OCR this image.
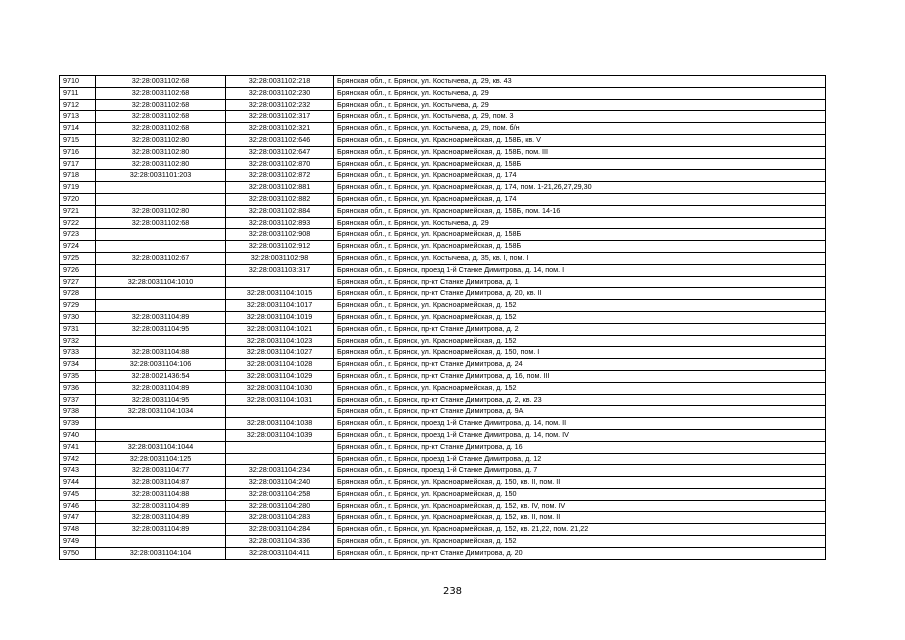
9710	32:28:0031102:68	32:28:0031102:218	Брянская обл., г. Брянск, ул. Костычева, д. 29, кв. 43
9711	32:28:0031102:68	32:28:0031102:230	Брянская обл., г. Брянск, ул. Костычева, д. 29
9712	32:28:0031102:68	32:28:0031102:232	Брянская обл., г. Брянск, ул. Костычева, д. 29
9713	32:28:0031102:68	32:28:0031102:317	Брянская обл., г. Брянск, ул. Костычева, д. 29, пом. 3
9714	32:28:0031102:68	32:28:0031102:321	Брянская обл., г. Брянск, ул. Костычева, д. 29, пом. б/н
9715	32:28:0031102:80	32:28:0031102:646	Брянская обл., г. Брянск, ул. Красноармейская, д. 158Б, кв. V
9716	32:28:0031102:80	32:28:0031102:647	Брянская обл., г. Брянск, ул. Красноармейская, д. 158Б, пом. III
9717	32:28:0031102:80	32:28:0031102:870	Брянская обл., г. Брянск, ул. Красноармейская, д. 158Б
9718	32:28:0031101:203	32:28:0031102:872	Брянская обл., г. Брянск, ул. Красноармейская, д. 174
9719		32:28:0031102:881	Брянская обл., г. Брянск, ул. Красноармейская, д. 174, пом. 1-21,26,27,29,30
9720		32:28:0031102:882	Брянская обл., г. Брянск, ул. Красноармейская, д. 174
9721	32:28:0031102:80	32:28:0031102:884	Брянская обл., г. Брянск, ул. Красноармейская, д. 158Б, пом. 14-16
9722	32:28:0031102:68	32:28:0031102:893	Брянская обл., г. Брянск, ул. Костычева, д. 29
9723		32:28:0031102:908	Брянская обл., г. Брянск, ул. Красноармейская, д. 158Б
9724		32:28:0031102:912	Брянская обл., г. Брянск, ул. Красноармейская, д. 158Б
9725	32:28:0031102:67	32:28:0031102:98	Брянская обл., г. Брянск, ул. Костычева, д. 35, кв. I, пом. I
9726		32:28:0031103:317	Брянская обл., г. Брянск, проезд 1-й Станке Димитрова, д. 14, пом. I
9727	32:28:0031104:1010		Брянская обл., г. Брянск, пр-кт Станке Димитрова, д. 1
9728		32:28:0031104:1015	Брянская обл., г. Брянск, пр-кт Станке Димитрова, д. 20, кв. II
9729		32:28:0031104:1017	Брянская обл., г. Брянск, ул. Красноармейская, д. 152
9730	32:28:0031104:89	32:28:0031104:1019	Брянская обл., г. Брянск, ул. Красноармейская, д. 152
9731	32:28:0031104:95	32:28:0031104:1021	Брянская обл., г. Брянск, пр-кт Станке Димитрова, д. 2
9732		32:28:0031104:1023	Брянская обл., г. Брянск, ул. Красноармейская, д. 152
9733	32:28:0031104:88	32:28:0031104:1027	Брянская обл., г. Брянск, ул. Красноармейская, д. 150, пом. I
9734	32:28:0031104:106	32:28:0031104:1028	Брянская обл., г. Брянск, пр-кт Станке Димитрова, д. 24
9735	32:28:0021436:54	32:28:0031104:1029	Брянская обл., г. Брянск, пр-кт Станке Димитрова, д. 16, пом. III
9736	32:28:0031104:89	32:28:0031104:1030	Брянская обл., г. Брянск, ул. Красноармейская, д. 152
9737	32:28:0031104:95	32:28:0031104:1031	Брянская обл., г. Брянск, пр-кт Станке Димитрова, д. 2, кв. 23
9738	32:28:0031104:1034		Брянская обл., г. Брянск, пр-кт Станке Димитрова, д. 9А
9739		32:28:0031104:1038	Брянская обл., г. Брянск, проезд 1-й Станке Димитрова, д. 14, пом. II
9740		32:28:0031104:1039	Брянская обл., г. Брянск, проезд 1-й Станке Димитрова, д. 14, пом. IV
9741	32:28:0031104:1044		Брянская обл., г. Брянск, пр-кт Станке Димитрова, д. 16
9742	32:28:0031104:125		Брянская обл., г. Брянск, проезд 1-й Станке Димитрова, д. 12
9743	32:28:0031104:77	32:28:0031104:234	Брянская обл., г. Брянск, проезд 1-й Станке Димитрова, д. 7
9744	32:28:0031104:87	32:28:0031104:240	Брянская обл., г. Брянск, ул. Красноармейская, д. 150, кв. II, пом. II
9745	32:28:0031104:88	32:28:0031104:258	Брянская обл., г. Брянск, ул. Красноармейская, д. 150
9746	32:28:0031104:89	32:28:0031104:280	Брянская обл., г. Брянск, ул. Красноармейская, д. 152, кв. IV, пом. IV
9747	32:28:0031104:89	32:28:0031104:283	Брянская обл., г. Брянск, ул. Красноармейская, д. 152, кв. II, пом. II
9748	32:28:0031104:89	32:28:0031104:284	Брянская обл., г. Брянск, ул. Красноармейская, д. 152, кв. 21,22, пом. 21,22
9749		32:28:0031104:336	Брянская обл., г. Брянск, ул. Красноармейская, д. 152
9750	32:28:0031104:104	32:28:0031104:411	Брянская обл., г. Брянск, пр-кт Станке Димитрова, д. 20
238
